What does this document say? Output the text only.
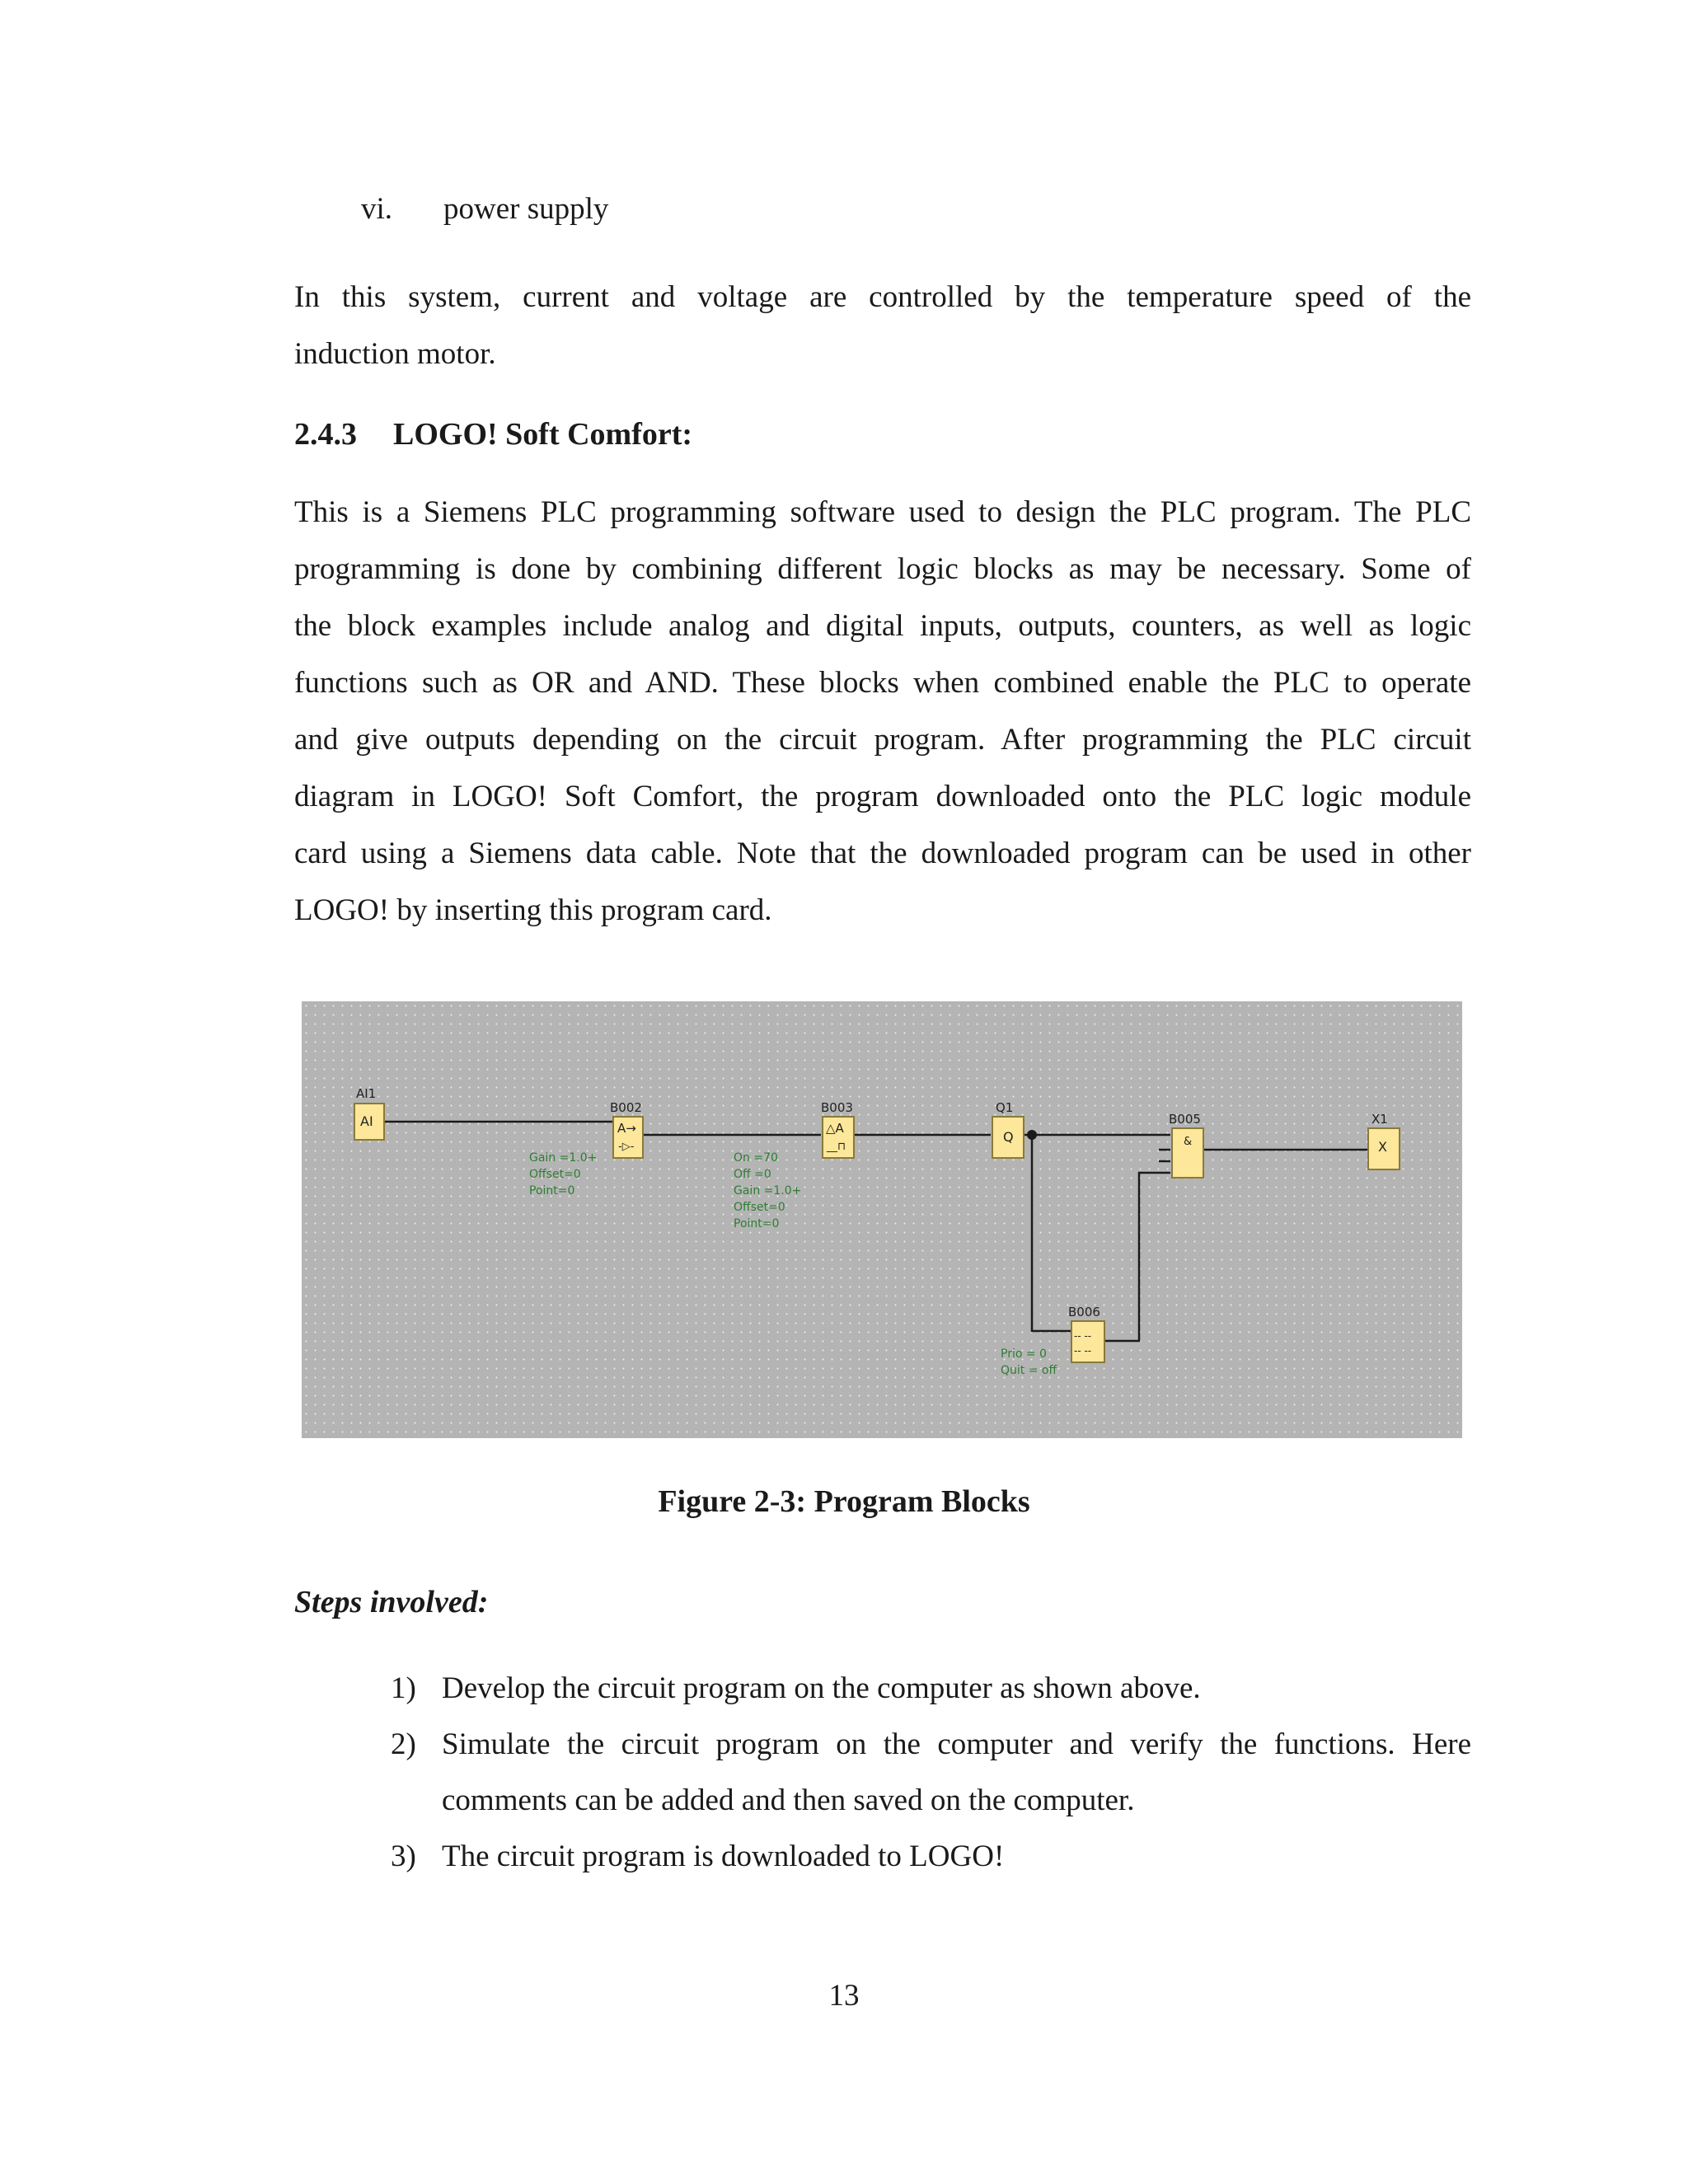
vi. power supply
In this system, current and voltage are controlled by the temperature speed of the
induction motor.
2.4.3 LOGO! Soft Comfort:
This is a Siemens PLC programming software used to design the PLC program. The PLC
programming is done by combining different logic blocks as may be necessary. Some of
the block examples include analog and digital inputs, outputs, counters, as well as logic
functions such as OR and AND. These blocks when combined enable the PLC to operate
and give outputs depending on the circuit program. After programming the PLC circuit
diagram in LOGO! Soft Comfort, the program downloaded onto the PLC logic module
card using a Siemens data cable. Note that the downloaded program can be used in other
LOGO! by inserting this program card.
AI1
AI
B002
A→
-▷-
B003
△A
__⊓
Q1
Q
B005
&
X1
X
B006
-- --
-- --
Gain =1.0+
Offset=0
Point=0
On =70
Off =0
Gain =1.0+
Offset=0
Point=0
Prio = 0
Quit = off
Figure 2-3: Program Blocks
Steps involved:
1) Develop the circuit program on the computer as shown above.
2) Simulate the circuit program on the computer and verify the functions. Here comments can be added and then saved on the computer.
3) The circuit program is downloaded to LOGO!
13
